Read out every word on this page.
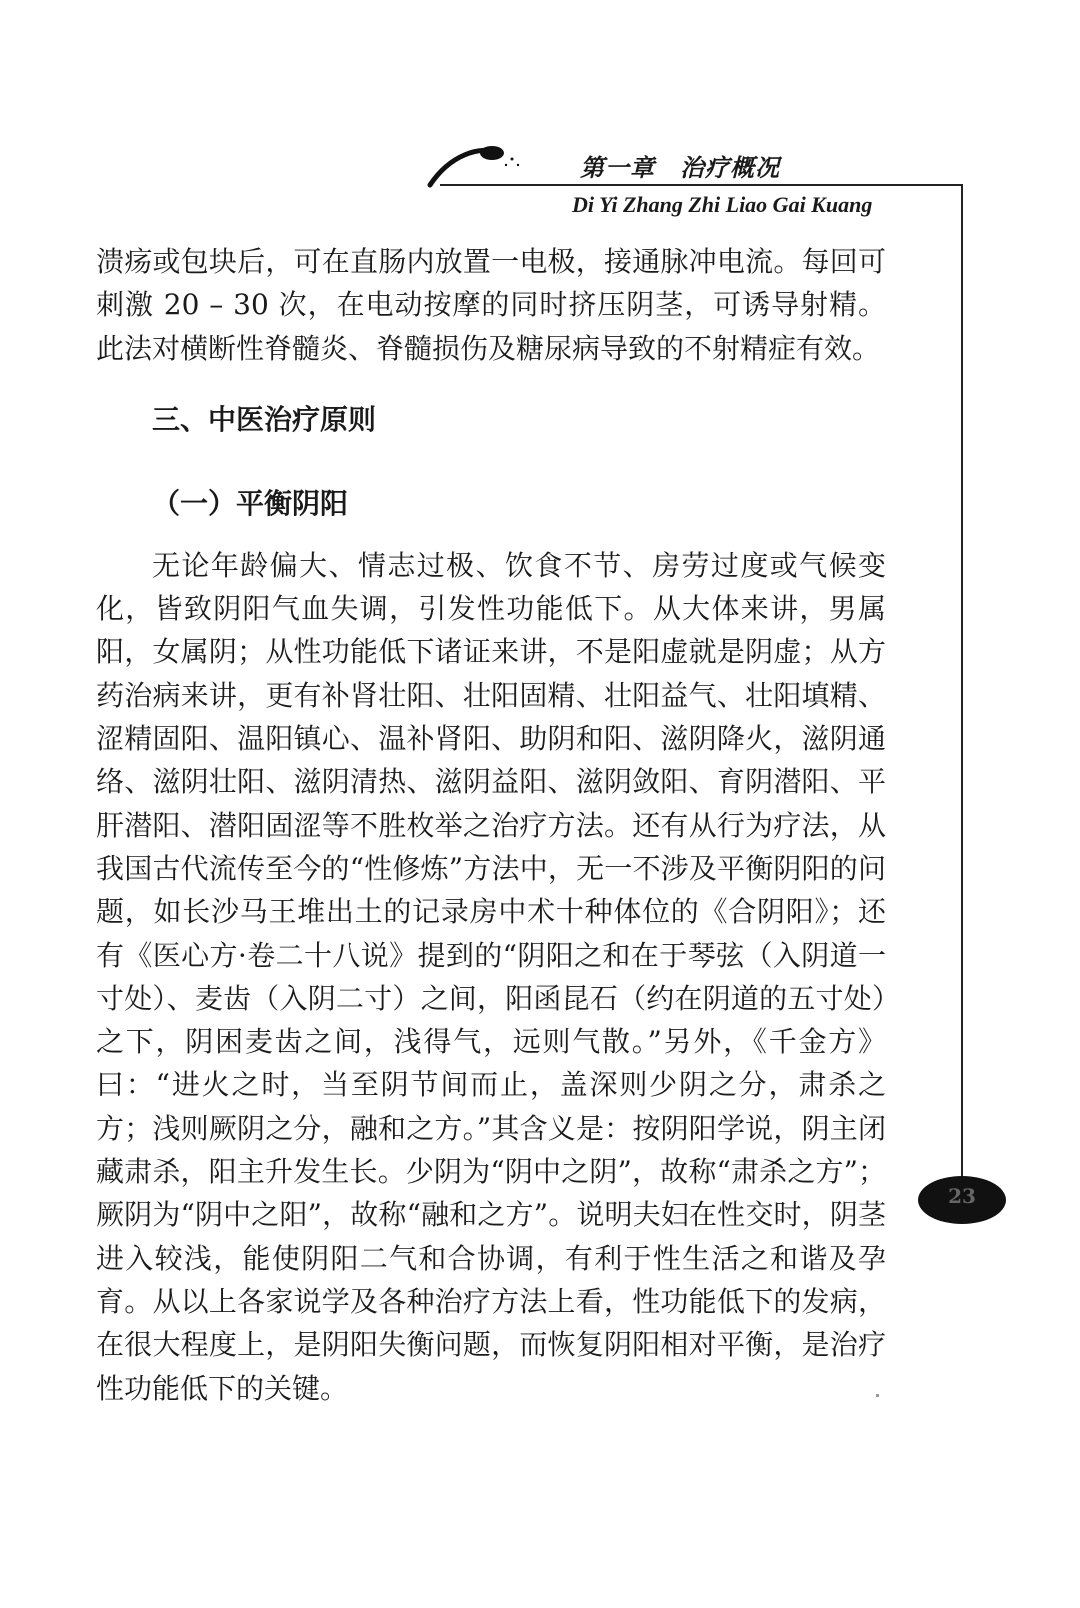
第一章　治疗概况
Di Yi Zhang Zhi Liao Gai Kuang
23

溃疡或包块后，可在直肠内放置一电极，接通脉冲电流。每回可刺激 20 – 30 次，在电动按摩的同时挤压阴茎，可诱导射精。此法对横断性脊髓炎、脊髓损伤及糖尿病导致的不射精症有效。

三、中医治疗原则
（一）平衡阴阳

无论年龄偏大、情志过极、饮食不节、房劳过度或气候变化，皆致阴阳气血失调，引发性功能低下。从大体来讲，男属阳，女属阴；从性功能低下诸证来讲，不是阳虚就是阴虚；从方药治病来讲，更有补肾壮阳、壮阳固精、壮阳益气、壮阳填精、涩精固阳、温阳镇心、温补肾阳、助阴和阳、滋阴降火，滋阴通络、滋阴壮阳、滋阴清热、滋阴益阳、滋阴敛阳、育阴潜阳、平肝潜阳、潜阳固涩等不胜枚举之治疗方法。还有从行为疗法，从我国古代流传至今的“性修炼”方法中，无一不涉及平衡阴阳的问题，如长沙马王堆出土的记录房中术十种体位的《合阴阳》；还有《医心方·卷二十八说》提到的“阴阳之和在于琴弦（入阴道一寸处）、麦齿（入阴二寸）之间，阳函昆石（约在阴道的五寸处）之下，阴困麦齿之间，浅得气，远则气散。”另外，《千金方》曰：“进火之时，当至阴节间而止，盖深则少阴之分，肃杀之方；浅则厥阴之分，融和之方。”其含义是：按阴阳学说，阴主闭藏肃杀，阳主升发生长。少阴为“阴中之阴”，故称“肃杀之方”；厥阴为“阴中之阳”，故称“融和之方”。说明夫妇在性交时，阴茎进入较浅，能使阴阳二气和合协调，有利于性生活之和谐及孕育。从以上各家说学及各种治疗方法上看，性功能低下的发病，在很大程度上，是阴阳失衡问题，而恢复阴阳相对平衡，是治疗性功能低下的关键。
